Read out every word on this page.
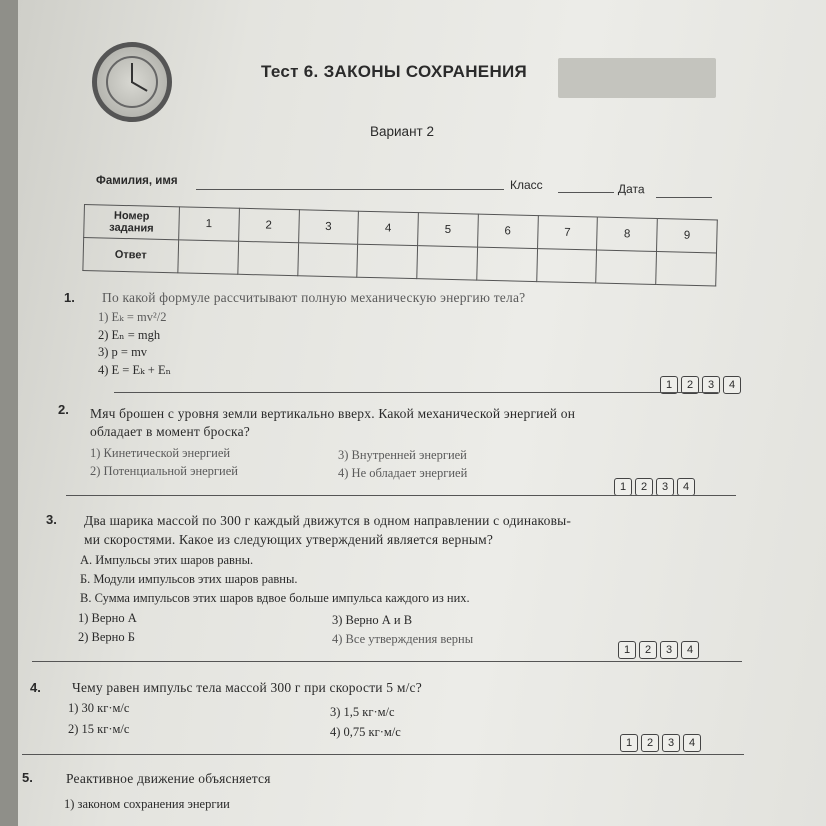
Тест 6. ЗАКОНЫ СОХРАНЕНИЯ
Вариант 2
Фамилия, имя	Класс	Дата
Номер
задания	1	2	3	4	5	6	7	8	9
Ответ									
1. По какой формуле рассчитывают полную механическую энергию тела?
1) Eₖ = mv²/2
2) Eₙ = mgh
3) p = mv
4) E = Eₖ + Eₙ
1	2	3	4
2. Мяч брошен с уровня земли вертикально вверх. Какой механической энергией он
обладает в момент броска?
1) Кинетической энергией
2) Потенциальной энергией
3) Внутренней энергией
4) Не обладает энергией
1	2	3	4
3. Два шарика массой по 300 г каждый движутся в одном направлении с одинаковы-
ми скоростями. Какое из следующих утверждений является верным?
А. Импульсы этих шаров равны.
Б. Модули импульсов этих шаров равны.
В. Сумма импульсов этих шаров вдвое больше импульса каждого из них.
1) Верно А
2) Верно Б
3) Верно А и В
4) Все утверждения верны
1	2	3	4
4. Чему равен импульс тела массой 300 г при скорости 5 м/с?
1) 30 кг·м/с
2) 15 кг·м/с
3) 1,5 кг·м/с
4) 0,75 кг·м/с
1	2	3	4
5. Реактивное движение объясняется
1) законом сохранения энергии
